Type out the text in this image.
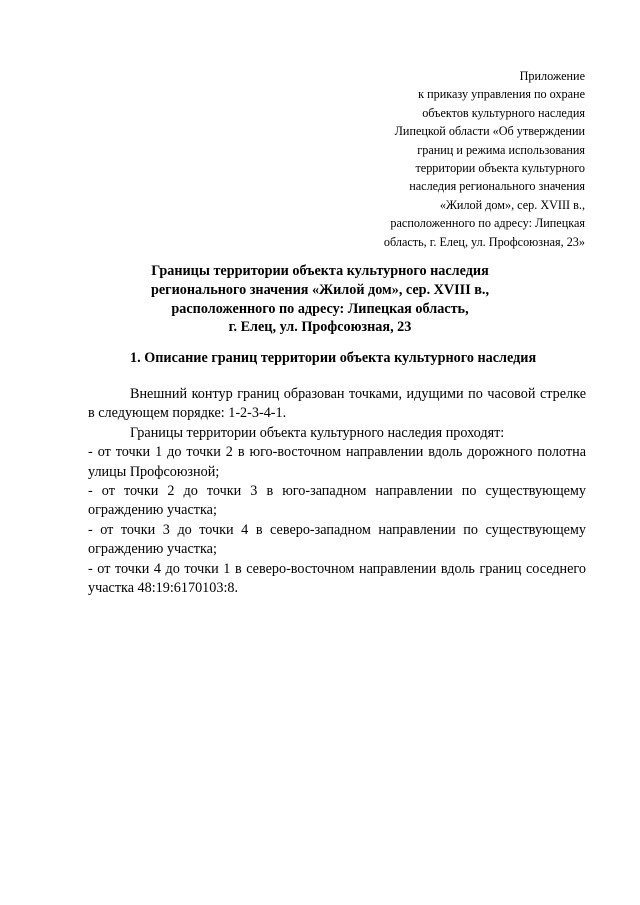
Приложение
к приказу управления по охране
объектов культурного наследия
Липецкой области «Об утверждении
границ и режима использования
территории объекта культурного
наследия регионального значения
«Жилой дом», сер. XVIII в.,
расположенного по адресу: Липецкая
область, г. Елец, ул. Профсоюзная, 23»
Границы территории объекта культурного наследия
регионального значения «Жилой дом», сер. XVIII в.,
расположенного по адресу: Липецкая область,
г. Елец, ул. Профсоюзная, 23
1. Описание границ территории объекта культурного наследия

Внешний контур границ образован точками, идущими по часовой стрелке в следующем порядке: 1-2-3-4-1.

Границы территории объекта культурного наследия проходят:

- от точки 1 до точки 2 в юго-восточном направлении вдоль дорожного полотна улицы Профсоюзной;

- от точки 2 до точки 3 в юго-западном направлении по существующему ограждению участка;

- от точки 3 до точки 4 в северо-западном направлении по существующему ограждению участка;

- от точки 4 до точки 1 в северо-восточном направлении вдоль границ соседнего участка 48:19:6170103:8.
